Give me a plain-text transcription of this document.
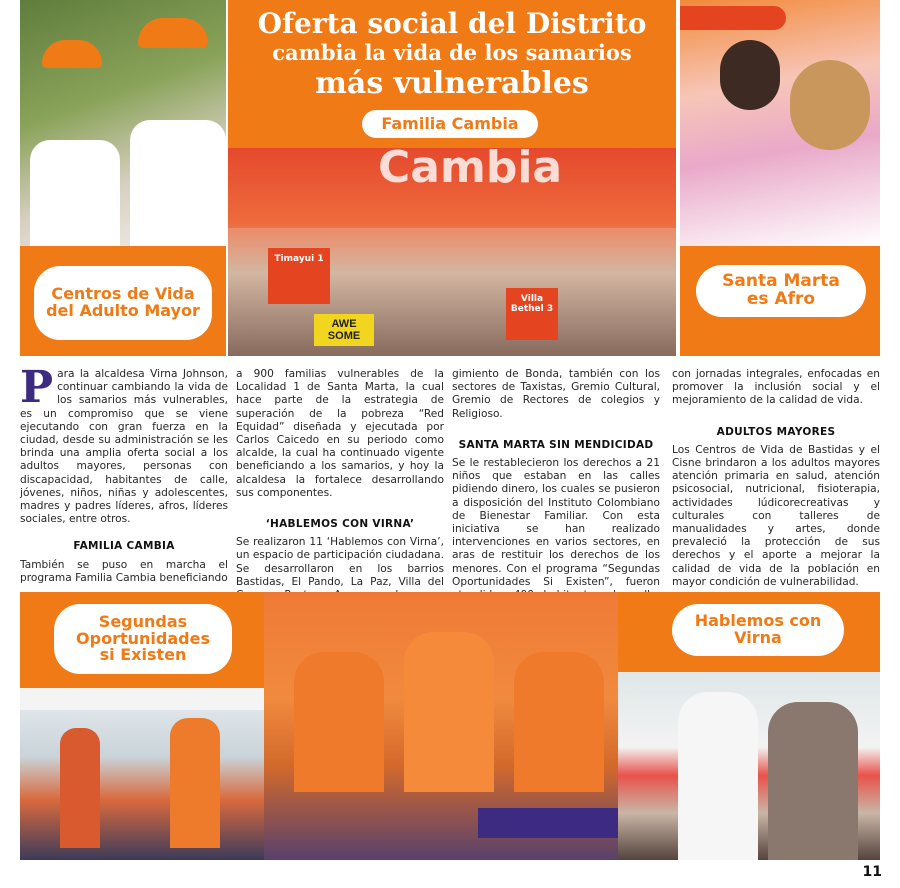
Centros de Vida del Adulto Mayor
Oferta social del Distrito
cambia la vida de los samarios
más vulnerables
Familia Cambia
Cambia
Timayui 1
Villa Bethel 3
AWE SOME
Santa Marta es Afro

Para la alcaldesa Virna Johnson, continuar cambiando la vida de los samarios más vulnerables, es un compromiso que se viene ejecutando con gran fuerza en la ciudad, desde su administración se les brinda una amplia oferta social a los adultos mayores, personas con discapacidad, habitantes de calle, jóvenes, niños, niñas y adolescentes, madres y padres líderes, afros, líderes sociales, entre otros.

FAMILIA CAMBIA

También se puso en marcha el programa Familia Cambia beneficiando

a 900 familias vulnerables de la Localidad 1 de Santa Marta, la cual hace parte de la estrategia de superación de la pobreza “Red Equidad” diseñada y ejecutada por Carlos Caicedo en su periodo como alcalde, la cual ha continuado vigente beneficiando a los samarios, y hoy la alcaldesa la fortalece desarrollando sus componentes.

‘HABLEMOS CON VIRNA’

Se realizaron 11 ‘Hablemos con Virna’, un espacio de participación ciudadana. Se desarrollaron en los barrios Bastidas, El Pando, La Paz, Villa del

gimiento de Bonda, también con los sectores de Taxistas, Gremio Cultural, Gremio de Rectores de colegios y Religioso.

SANTA MARTA SIN MENDICIDAD

Se le restablecieron los derechos a 21 niños que estaban en las calles pidiendo dinero, los cuales se pusieron a disposición del Instituto Colombiano de Bienestar Familiar. Con esta iniciativa se han realizado intervenciones en varios sectores, en aras de restituir los derechos de los menores. Con el programa “Segundas Oportunidades Si Existen”, fueron

con jornadas integrales, enfocadas en promover la inclusión social y el mejoramiento de la calidad de vida.

ADULTOS MAYORES

Los Centros de Vida de Bastidas y el Cisne brindaron a los adultos mayores atención primaria en salud, atención psicosocial, nutricional, fisioterapia, actividades lúdicorecreativas y culturales con talleres de manualidades y artes, donde prevaleció la protección de sus derechos y el aporte a mejorar la calidad de vida de la población en mayor condición de vulnerabilidad.

Segundas Oportunidades si Existen
Hablemos con Virna
11
